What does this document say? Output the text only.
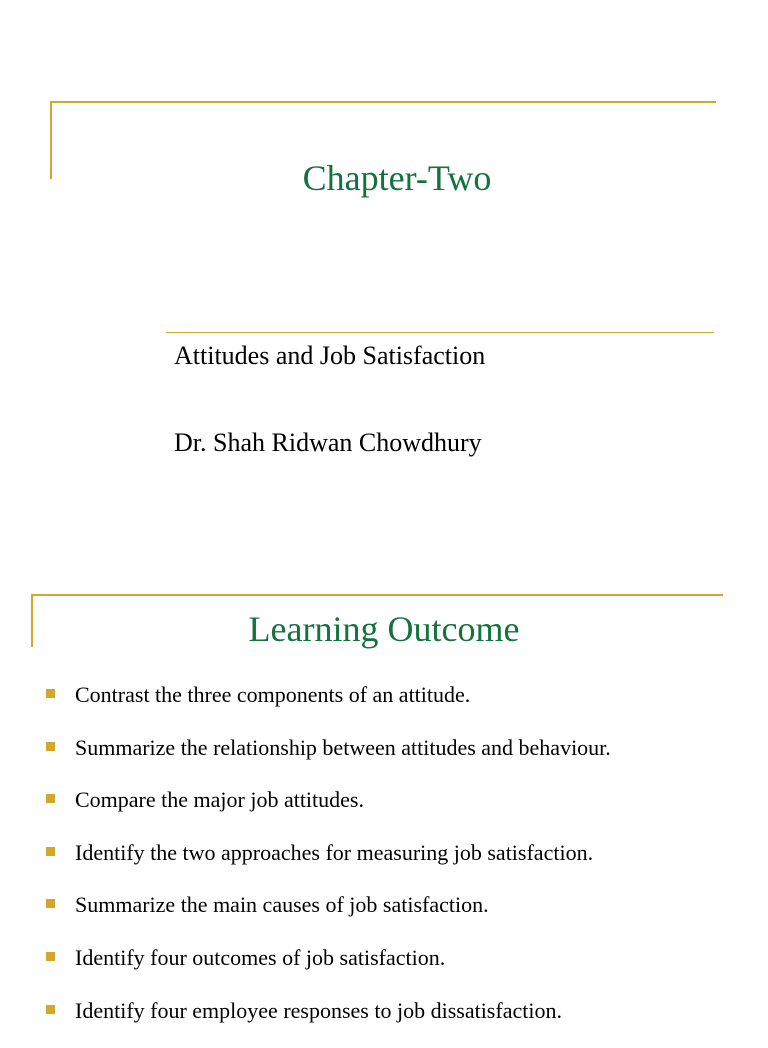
Chapter-Two
Attitudes and Job Satisfaction
Dr. Shah Ridwan Chowdhury
Learning Outcome
Contrast the three components of an attitude.
Summarize the relationship between attitudes and behaviour.
Compare the major job attitudes.
Identify the two approaches for measuring job satisfaction.
Summarize the main causes of job satisfaction.
Identify four outcomes of job satisfaction.
Identify four employee responses to job dissatisfaction.
